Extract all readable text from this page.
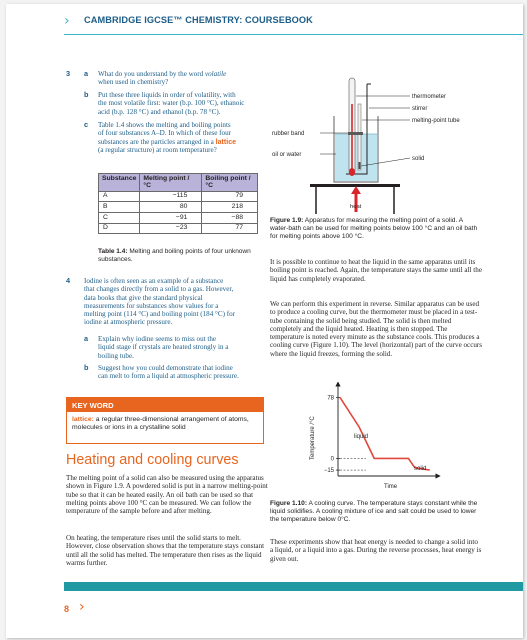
› CAMBRIDGE IGCSE™ CHEMISTRY: COURSEBOOK
3 a What do you understand by the word volatile
when used in chemistry?
b Put these three liquids in order of volatility, with
the most volatile first: water (b.p. 100 °C), ethanoic
acid (b.p. 128 °C) and ethanol (b.p. 78 °C).
c Table 1.4 shows the melting and boiling points
of four substances A–D. In which of these four
substances are the particles arranged in a lattice
(a regular structure) at room temperature?
Substance	Melting point / °C	Boiling point / °C
A	−115	79
B	80	218
C	−91	−88
D	−23	77
Table 1.4: Melting and boiling points of four unknown substances.
4 Iodine is often seen as an example of a substance
that changes directly from a solid to a gas. However,
data books that give the standard physical
measurements for substances show values for a
melting point (114 °C) and boiling point (184 °C) for
iodine at atmospheric pressure.
a Explain why iodine seems to miss out the
liquid stage if crystals are heated strongly in a
boiling tube.
b Suggest how you could demonstrate that iodine
can melt to form a liquid at atmospheric pressure.
KEY WORD
lattice: a regular three-dimensional arrangement of atoms, molecules or ions in a crystalline solid
Heating and cooling curves
The melting point of a solid can also be measured using the apparatus shown in Figure 1.9. A powdered solid is put in a narrow melting-point tube so that it can be heated easily. An oil bath can be used so that melting points above 100 °C can be measured. We can follow the temperature of the sample before and after melting.
On heating, the temperature rises until the solid starts to melt. However, close observation shows that the temperature stays constant until all the solid has melted. The temperature then rises as the liquid warms further.
thermometer
stirrer
melting-point tube
rubber band
oil or water
solid
heat
Figure 1.9: Apparatus for measuring the melting point of a solid. A water-bath can be used for melting points below 100 °C and an oil bath for melting points above 100 °C.
It is possible to continue to heat the liquid in the same apparatus until its boiling point is reached. Again, the temperature stays the same until all the liquid has completely evaporated.
We can perform this experiment in reverse. Similar apparatus can be used to produce a cooling curve, but the thermometer must be placed in a test-tube containing the solid being studied. The solid is then melted completely and the liquid heated. Heating is then stopped. The temperature is noted every minute as the substance cools. This produces a cooling curve (Figure 1.10). The level (horizontal) part of the curve occurs where the liquid freezes, forming the solid.
78
0
−15
liquid
solid
Time
Temperature /°C
Figure 1.10: A cooling curve. The temperature stays constant while the liquid solidifies. A cooling mixture of ice and salt could be used to lower the temperature below 0°C.
These experiments show that heat energy is needed to change a solid into a liquid, or a liquid into a gas. During the reverse processes, heat energy is given out.
8 ›
